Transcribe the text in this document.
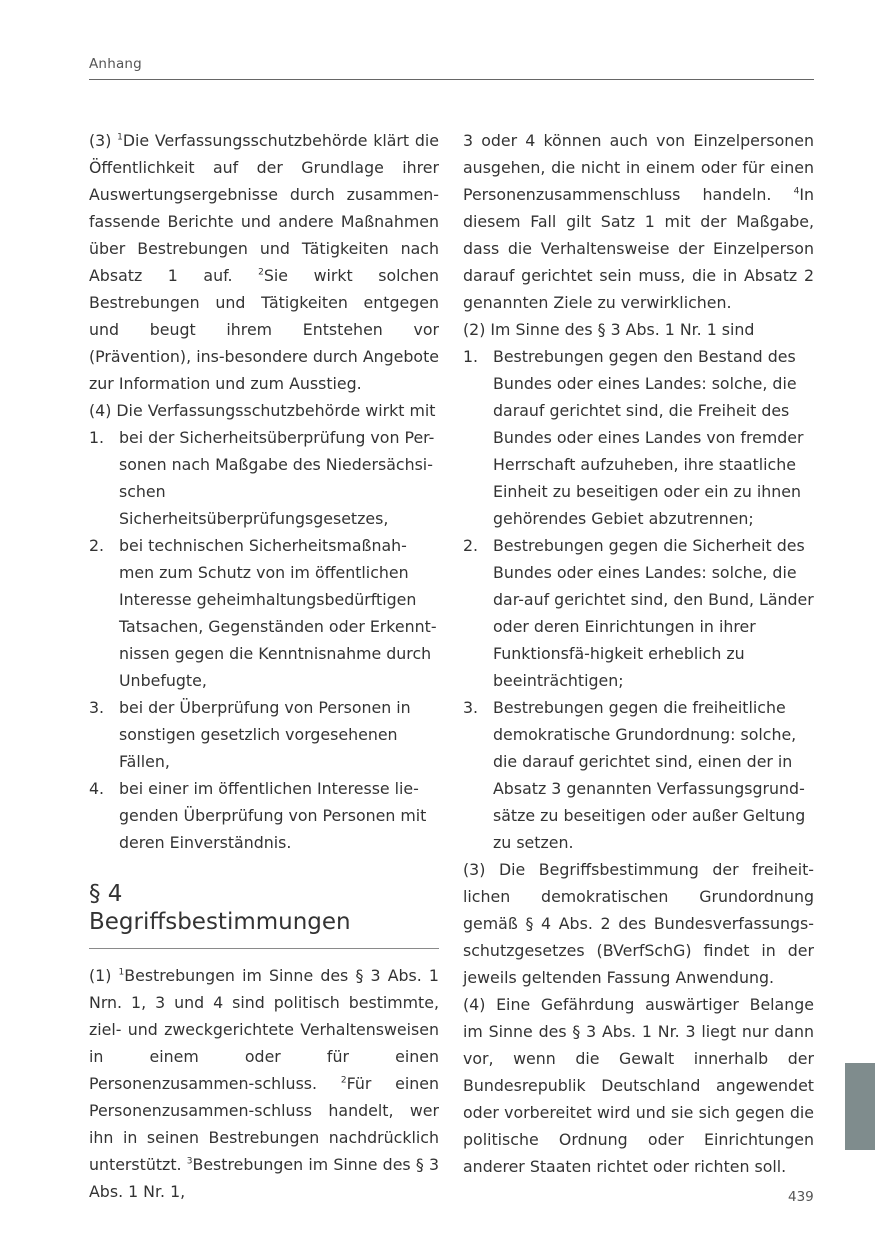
Anhang

(3) $^1$Die Verfassungsschutzbehörde klärt die Öffentlichkeit auf der Grundlage ihrer Auswertungsergebnisse durch zusammen-fassende Berichte und andere Maßnahmen über Bestrebungen und Tätigkeiten nach Absatz 1 auf. $^2$Sie wirkt solchen Bestrebungen und Tätigkeiten entgegen und beugt ihrem Entstehen vor (Prävention), ins-besondere durch Angebote zur Information und zum Ausstieg.

(4) Die Verfassungsschutzbehörde wirkt mit

1. bei der Sicherheitsüberprüfung von Per-sonen nach Maßgabe des Niedersächsi-schen Sicherheitsüberprüfungsgesetzes,
2. bei technischen Sicherheitsmaßnah-men zum Schutz von im öffentlichen Interesse geheimhaltungsbedürftigen Tatsachen, Gegenständen oder Erkennt-nissen gegen die Kenntnisnahme durch Unbefugte,
3. bei der Überprüfung von Personen in sonstigen gesetzlich vorgesehenen Fällen,
4. bei einer im öffentlichen Interesse lie-genden Überprüfung von Personen mit deren Einverständnis.
§ 4
Begriffsbestimmungen

(1) $^1$Bestrebungen im Sinne des § 3 Abs. 1 Nrn. 1, 3 und 4 sind politisch bestimmte, ziel- und zweckgerichtete Verhaltensweisen in einem oder für einen Personenzusammen-schluss. $^2$Für einen Personenzusammen-schluss handelt, wer ihn in seinen Bestrebungen nachdrücklich unterstützt. $^3$Bestrebungen im Sinne des § 3 Abs. 1 Nr. 1,

3 oder 4 können auch von Einzelpersonen ausgehen, die nicht in einem oder für einen Personenzusammenschluss handeln. $^4$In diesem Fall gilt Satz 1 mit der Maßgabe, dass die Verhaltensweise der Einzelperson darauf gerichtet sein muss, die in Absatz 2 genannten Ziele zu verwirklichen.

(2) Im Sinne des § 3 Abs. 1 Nr. 1 sind

1. Bestrebungen gegen den Bestand des Bundes oder eines Landes: solche, die darauf gerichtet sind, die Freiheit des Bundes oder eines Landes von fremder Herrschaft aufzuheben, ihre staatliche Einheit zu beseitigen oder ein zu ihnen gehörendes Gebiet abzutrennen;
2. Bestrebungen gegen die Sicherheit des Bundes oder eines Landes: solche, die dar-auf gerichtet sind, den Bund, Länder oder deren Einrichtungen in ihrer Funktionsfä-higkeit erheblich zu beeinträchtigen;
3. Bestrebungen gegen die freiheitliche demokratische Grundordnung: solche, die darauf gerichtet sind, einen der in Absatz 3 genannten Verfassungsgrund-sätze zu beseitigen oder außer Geltung zu setzen.

(3) Die Begriffsbestimmung der freiheit-lichen demokratischen Grundordnung gemäß § 4 Abs. 2 des Bundesverfassungs-schutzgesetzes (BVerfSchG) findet in der jeweils geltenden Fassung Anwendung.

(4) Eine Gefährdung auswärtiger Belange im Sinne des § 3 Abs. 1 Nr. 3 liegt nur dann vor, wenn die Gewalt innerhalb der Bundesrepublik Deutschland angewendet oder vorbereitet wird und sie sich gegen die politische Ordnung oder Einrichtungen anderer Staaten richtet oder richten soll.

439
